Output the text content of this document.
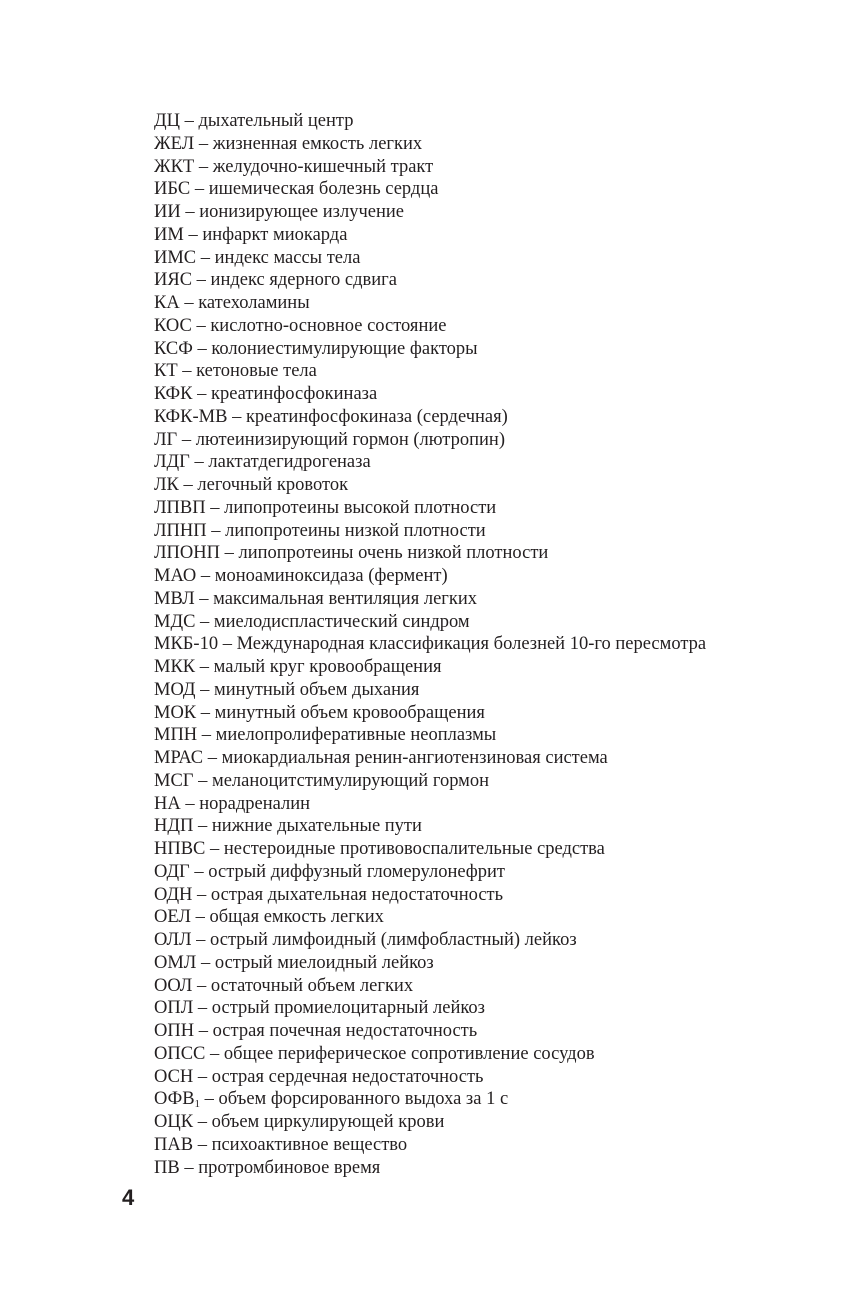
ДЦ – дыхательный центр
ЖЕЛ – жизненная емкость легких
ЖКТ – желудочно-кишечный тракт
ИБС – ишемическая болезнь сердца
ИИ – ионизирующее излучение
ИМ – инфаркт миокарда
ИМС – индекс массы тела
ИЯС – индекс ядерного сдвига
КА – катехоламины
КОС – кислотно-основное состояние
КСФ – колониестимулирующие факторы
КТ – кетоновые тела
КФК – креатинфосфокиназа
КФК-МВ – креатинфосфокиназа (сердечная)
ЛГ – лютеинизирующий гормон (лютропин)
ЛДГ – лактатдегидрогеназа
ЛК – легочный кровоток
ЛПВП – липопротеины высокой плотности
ЛПНП – липопротеины низкой плотности
ЛПОНП – липопротеины очень низкой плотности
МАО – моноаминоксидаза (фермент)
МВЛ – максимальная вентиляция легких
МДС – миелодиспластический синдром
МКБ-10 – Международная классификация болезней 10-го пересмотра
МКК – малый круг кровообращения
МОД – минутный объем дыхания
МОК – минутный объем кровообращения
МПН – миелопролиферативные неоплазмы
МРАС – миокардиальная ренин-ангиотензиновая система
МСГ – меланоцитстимулирующий гормон
НА – норадреналин
НДП – нижние дыхательные пути
НПВС – нестероидные противовоспалительные средства
ОДГ – острый диффузный гломерулонефрит
ОДН – острая дыхательная недостаточность
ОЕЛ – общая емкость легких
ОЛЛ – острый лимфоидный (лимфобластный) лейкоз
ОМЛ – острый миелоидный лейкоз
ООЛ – остаточный объем легких
ОПЛ – острый промиелоцитарный лейкоз
ОПН – острая почечная недостаточность
ОПСС – общее периферическое сопротивление сосудов
ОСН – острая сердечная недостаточность
$ОФВ_1$ – объем форсированного выдоха за 1 с
ОЦК – объем циркулирующей крови
ПАВ – психоактивное вещество
ПВ – протромбиновое время
4
